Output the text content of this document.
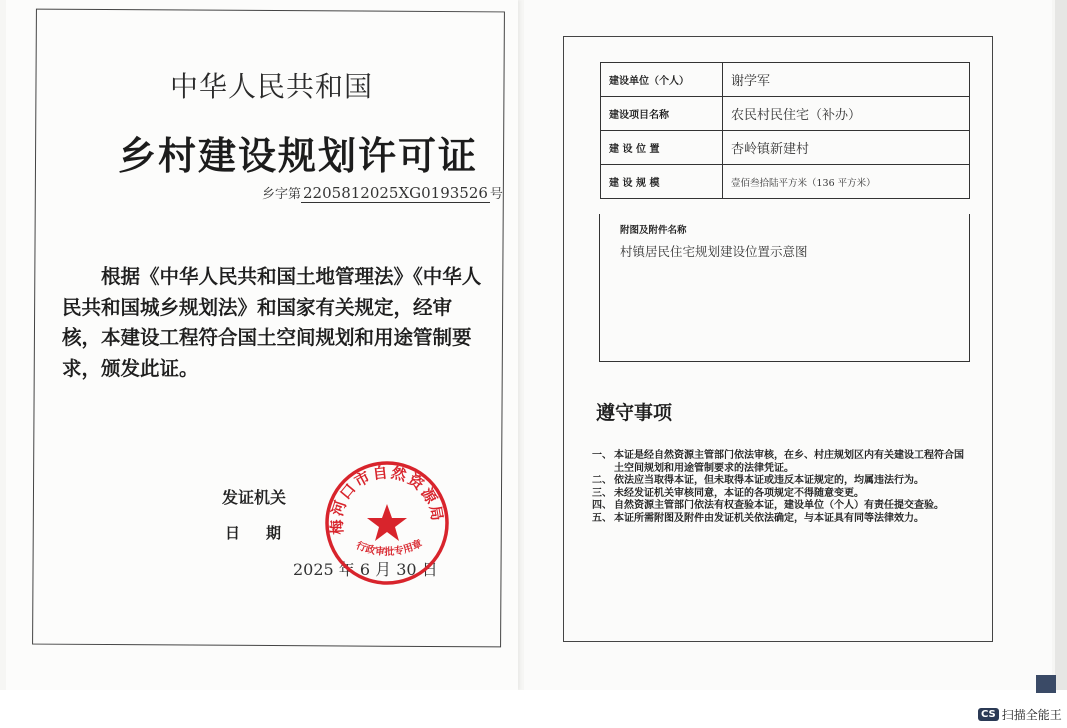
中华人民共和国
乡村建设规划许可证
乡字第 2205812025XG0193526 号
根据《中华人民共和国土地管理法》《中华人民共和国城乡规划法》和国家有关规定，经审核，本建设工程符合国土空间规划和用途管制要求，颁发此证。
发证机关
日期
2025 年 6 月 30 日
梅河口市自然资源局
行政审批专用章
建设单位（个人）	谢学军
建设项目名称	农民村民住宅（补办）
建 设 位 置	杏岭镇新建村
建 设 规 模	壹佰叁拾陆平方米（136 平方米）
附图及附件名称
村镇居民住宅规划建设位置示意图
遵守事项
一、 本证是经自然资源主管部门依法审核，在乡、村庄规划区内有关建设工程符合国土空间规划和用途管制要求的法律凭证。
二、 依法应当取得本证，但未取得本证或违反本证规定的，均属违法行为。
三、 未经发证机关审核同意，本证的各项规定不得随意变更。
四、 自然资源主管部门依法有权查验本证，建设单位（个人）有责任提交查验。
五、 本证所需附图及附件由发证机关依法确定，与本证具有同等法律效力。
CS 扫描全能王
